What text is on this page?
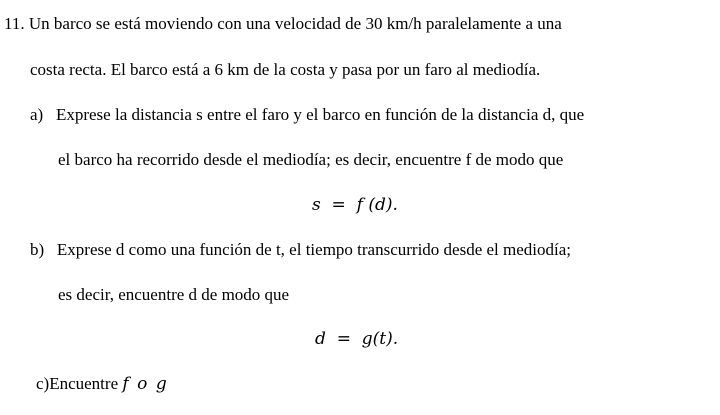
11. Un barco se está moviendo con una velocidad de 30 km/h paralelamente a una
costa recta. El barco está a 6 km de la costa y pasa por un faro al mediodía.
a) Exprese la distancia s entre el faro y el barco en función de la distancia d, que
el barco ha recorrido desde el mediodía; es decir, encuentre f de modo que
s = f (d).
b) Exprese d como una función de t, el tiempo transcurrido desde el mediodía;
es decir, encuentre d de modo que
d = g(t).
c)Encuentre f o g
